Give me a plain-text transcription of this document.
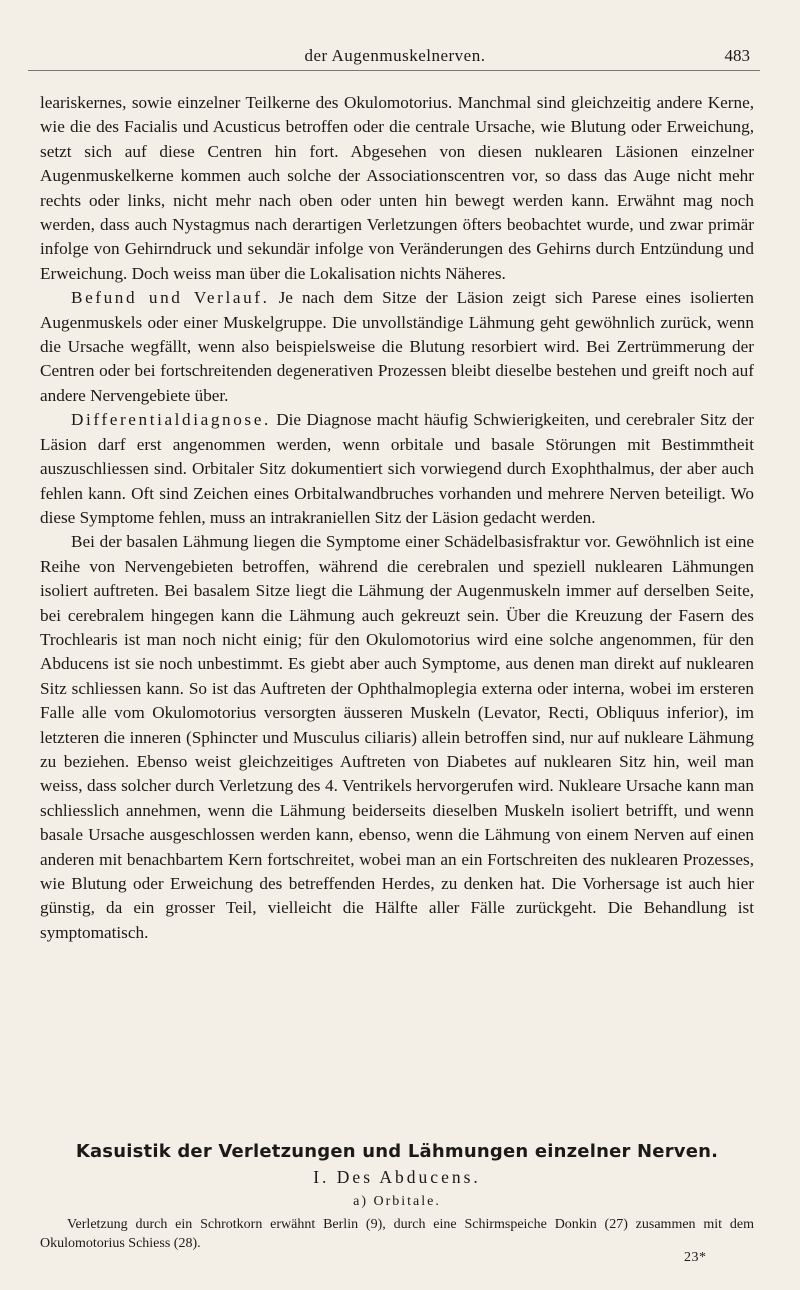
der Augenmuskelnerven.	483

leariskernes, sowie einzelner Teilkerne des Okulomotorius. Manchmal sind gleichzeitig andere Kerne, wie die des Facialis und Acusticus betroffen oder die centrale Ursache, wie Blutung oder Erweichung, setzt sich auf diese Centren hin fort. Abgesehen von diesen nuklearen Läsionen einzelner Augenmuskelkerne kommen auch solche der Associationscentren vor, so dass das Auge nicht mehr rechts oder links, nicht mehr nach oben oder unten hin bewegt werden kann. Erwähnt mag noch werden, dass auch Nystagmus nach derartigen Verletzungen öfters beobachtet wurde, und zwar primär infolge von Gehirndruck und sekundär infolge von Veränderungen des Gehirns durch Entzündung und Erweichung. Doch weiss man über die Lokalisation nichts Näheres.

Befund und Verlauf. Je nach dem Sitze der Läsion zeigt sich Parese eines isolierten Augenmuskels oder einer Muskelgruppe. Die unvollständige Lähmung geht gewöhnlich zurück, wenn die Ursache wegfällt, wenn also beispielsweise die Blutung resorbiert wird. Bei Zertrümmerung der Centren oder bei fortschreitenden degenerativen Prozessen bleibt dieselbe bestehen und greift noch auf andere Nervengebiete über.

Differentialdiagnose. Die Diagnose macht häufig Schwierigkeiten, und cerebraler Sitz der Läsion darf erst angenommen werden, wenn orbitale und basale Störungen mit Bestimmtheit auszuschliessen sind. Orbitaler Sitz dokumentiert sich vorwiegend durch Exophthalmus, der aber auch fehlen kann. Oft sind Zeichen eines Orbitalwandbruches vorhanden und mehrere Nerven beteiligt. Wo diese Symptome fehlen, muss an intrakraniellen Sitz der Läsion gedacht werden.

Bei der basalen Lähmung liegen die Symptome einer Schädelbasisfraktur vor. Gewöhnlich ist eine Reihe von Nervengebieten betroffen, während die cerebralen und speziell nuklearen Lähmungen isoliert auftreten. Bei basalem Sitze liegt die Lähmung der Augenmuskeln immer auf derselben Seite, bei cerebralem hingegen kann die Lähmung auch gekreuzt sein. Über die Kreuzung der Fasern des Trochlearis ist man noch nicht einig; für den Okulomotorius wird eine solche angenommen, für den Abducens ist sie noch unbestimmt. Es giebt aber auch Symptome, aus denen man direkt auf nuklearen Sitz schliessen kann. So ist das Auftreten der Ophthalmoplegia externa oder interna, wobei im ersteren Falle alle vom Okulomotorius versorgten äusseren Muskeln (Levator, Recti, Obliquus inferior), im letzteren die inneren (Sphincter und Musculus ciliaris) allein betroffen sind, nur auf nukleare Lähmung zu beziehen. Ebenso weist gleichzeitiges Auftreten von Diabetes auf nuklearen Sitz hin, weil man weiss, dass solcher durch Verletzung des 4. Ventrikels hervorgerufen wird. Nukleare Ursache kann man schliesslich annehmen, wenn die Lähmung beiderseits dieselben Muskeln isoliert betrifft, und wenn basale Ursache ausgeschlossen werden kann, ebenso, wenn die Lähmung von einem Nerven auf einen anderen mit benachbartem Kern fortschreitet, wobei man an ein Fortschreiten des nuklearen Prozesses, wie Blutung oder Erweichung des betreffenden Herdes, zu denken hat. Die Vorhersage ist auch hier günstig, da ein grosser Teil, vielleicht die Hälfte aller Fälle zurückgeht. Die Behandlung ist symptomatisch.

Kasuistik der Verletzungen und Lähmungen einzelner Nerven.
I. Des Abducens.
a) Orbitale.

Verletzung durch ein Schrotkorn erwähnt Berlin (9), durch eine Schirmspeiche Donkin (27) zusammen mit dem Okulomotorius Schiess (28).

23*
